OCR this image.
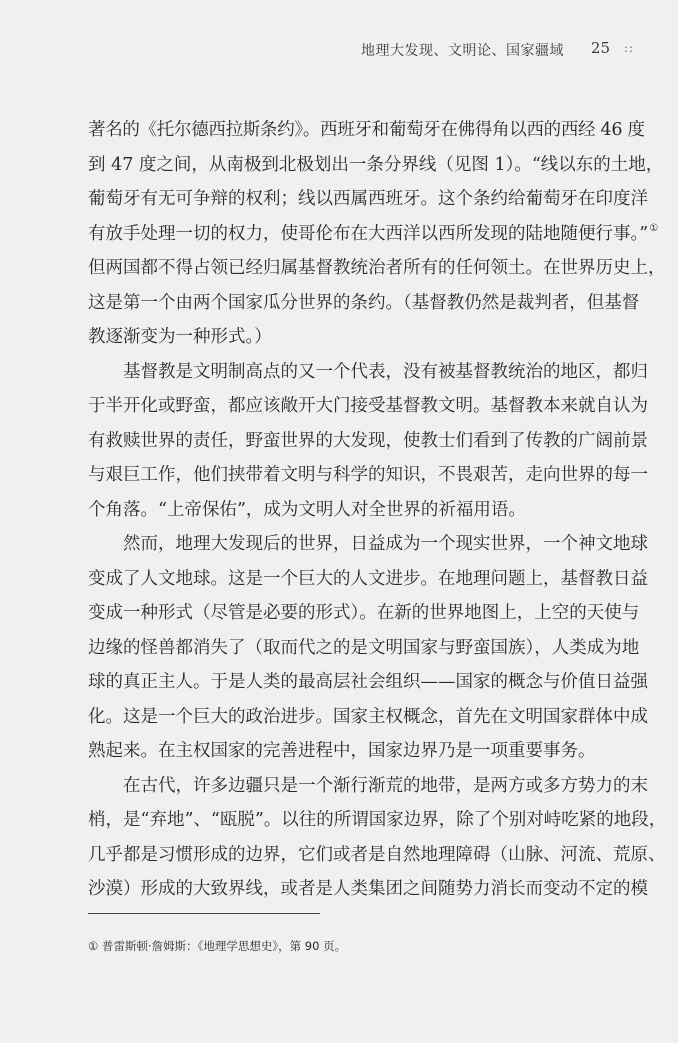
地理大发现、文明论、国家疆域 25 ::
著名的《托尔德西拉斯条约》。西班牙和葡萄牙在佛得角以西的西经 46 度
到 47 度之间，从南极到北极划出一条分界线（见图 1）。“线以东的土地，
葡萄牙有无可争辩的权利；线以西属西班牙。这个条约给葡萄牙在印度洋
有放手处理一切的权力，使哥伦布在大西洋以西所发现的陆地随便行事。”①
但两国都不得占领已经归属基督教统治者所有的任何领土。在世界历史上，
这是第一个由两个国家瓜分世界的条约。（基督教仍然是裁判者，但基督
教逐渐变为一种形式。）
基督教是文明制高点的又一个代表，没有被基督教统治的地区，都归
于半开化或野蛮，都应该敞开大门接受基督教文明。基督教本来就自认为
有救赎世界的责任，野蛮世界的大发现，使教士们看到了传教的广阔前景
与艰巨工作，他们挟带着文明与科学的知识，不畏艰苦，走向世界的每一
个角落。“上帝保佑”，成为文明人对全世界的祈福用语。
然而，地理大发现后的世界，日益成为一个现实世界，一个神文地球
变成了人文地球。这是一个巨大的人文进步。在地理问题上，基督教日益
变成一种形式（尽管是必要的形式）。在新的世界地图上，上空的天使与
边缘的怪兽都消失了（取而代之的是文明国家与野蛮国族），人类成为地
球的真正主人。于是人类的最高层社会组织——国家的概念与价值日益强
化。这是一个巨大的政治进步。国家主权概念，首先在文明国家群体中成
熟起来。在主权国家的完善进程中，国家边界乃是一项重要事务。
在古代，许多边疆只是一个渐行渐荒的地带，是两方或多方势力的末
梢，是“弃地”、“瓯脱”。以往的所谓国家边界，除了个别对峙吃紧的地段，
几乎都是习惯形成的边界，它们或者是自然地理障碍（山脉、河流、荒原、
沙漠）形成的大致界线，或者是人类集团之间随势力消长而变动不定的模
① 普雷斯顿·詹姆斯：《地理学思想史》，第 90 页。
